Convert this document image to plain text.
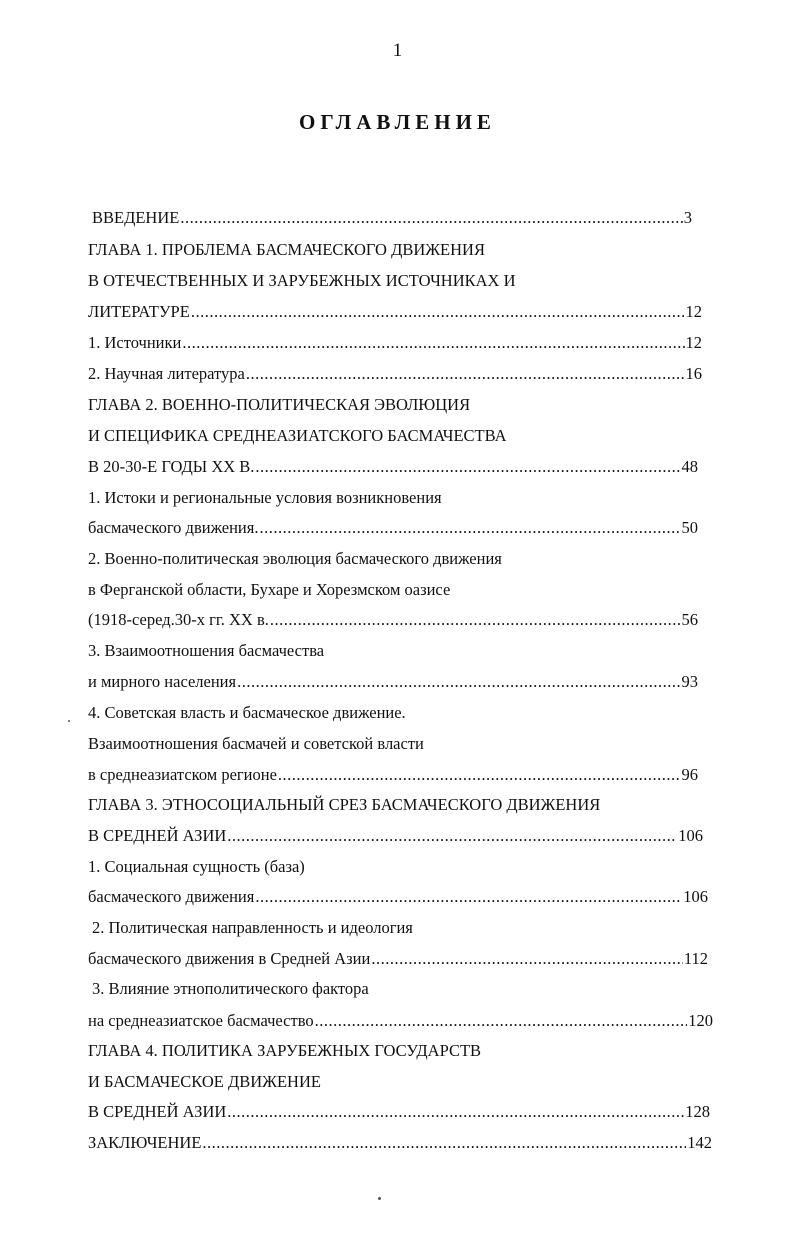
1
ОГЛАВЛЕНИЕ
ВВЕДЕНИЕ .....	3
ГЛАВА 1. ПРОБЛЕМА БАСМАЧЕСКОГО ДВИЖЕНИЯ
В ОТЕЧЕСТВЕННЫХ И ЗАРУБЕЖНЫХ ИСТОЧНИКАХ И
ЛИТЕРАТУРЕ .....	12
1. Источники .....	12
2. Научная литература .....	16
ГЛАВА 2. ВОЕННО-ПОЛИТИЧЕСКАЯ ЭВОЛЮЦИЯ
И СПЕЦИФИКА СРЕДНЕАЗИАТСКОГО БАСМАЧЕСТВА
В 20-30-Е ГОДЫ XX В. .....	48
1. Истоки и региональные условия возникновения
басмаческого движения. .....	50
2. Военно-политическая эволюция басмаческого движения
в Ферганской области, Бухаре и Хорезмском оазисе
(1918-серед.30-х гг. XX в. .....	56
3. Взаимоотношения басмачества
и мирного населения .....	93
4. Советская власть и басмаческое движение.
Взаимоотношения басмачей и советской власти
в среднеазиатском регионе .....	96
ГЛАВА 3. ЭТНОСОЦИАЛЬНЫЙ СРЕЗ БАСМАЧЕСКОГО ДВИЖЕНИЯ
В СРЕДНЕЙ АЗИИ .....	106
1. Социальная сущность (база)
басмаческого движения .....	106
2. Политическая направленность и идеология
басмаческого движения в Средней Азии .....	112
3. Влияние этнополитического фактора
на среднеазиатское басмачество .....	120
ГЛАВА 4. ПОЛИТИКА ЗАРУБЕЖНЫХ ГОСУДАРСТВ
И БАСМАЧЕСКОЕ ДВИЖЕНИЕ
В СРЕДНЕЙ АЗИИ .....	128
ЗАКЛЮЧЕНИЕ .....	142
